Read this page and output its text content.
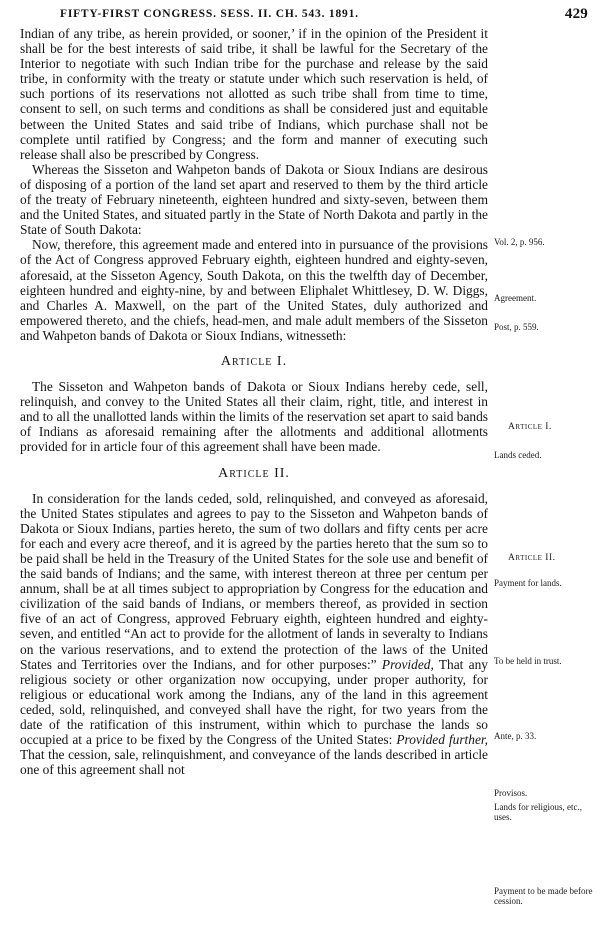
FIFTY-FIRST CONGRESS. SESS. II. CH. 543. 1891.	429

Indian of any tribe, as herein provided, or sooner,’ if in the opinion of the President it shall be for the best interests of said tribe, it shall be lawful for the Secretary of the Interior to negotiate with such Indian tribe for the purchase and release by the said tribe, in conformity with the treaty or statute under which such reservation is held, of such portions of its reservations not allotted as such tribe shall from time to time, consent to sell, on such terms and conditions as shall be considered just and equitable between the United States and said tribe of Indians, which purchase shall not be complete until ratified by Congress; and the form and manner of executing such release shall also be prescribed by Congress.

Whereas the Sisseton and Wahpeton bands of Dakota or Sioux Indians are desirous of disposing of a portion of the land set apart and reserved to them by the third article of the treaty of February nineteenth, eighteen hundred and sixty-seven, between them and the United States, and situated partly in the State of North Dakota and partly in the State of South Dakota:

Now, therefore, this agreement made and entered into in pursuance of the provisions of the Act of Congress approved February eighth, eighteen hundred and eighty-seven, aforesaid, at the Sisseton Agency, South Dakota, on this the twelfth day of December, eighteen hundred and eighty-nine, by and between Eliphalet Whittlesey, D. W. Diggs, and Charles A. Maxwell, on the part of the United States, duly authorized and empowered thereto, and the chiefs, head-men, and male adult members of the Sisseton and Wahpeton bands of Dakota or Sioux Indians, witnesseth:

Article I.

The Sisseton and Wahpeton bands of Dakota or Sioux Indians hereby cede, sell, relinquish, and convey to the United States all their claim, right, title, and interest in and to all the unallotted lands within the limits of the reservation set apart to said bands of Indians as aforesaid remaining after the allotments and additional allotments provided for in article four of this agreement shall have been made.

Article II.

In consideration for the lands ceded, sold, relinquished, and conveyed as aforesaid, the United States stipulates and agrees to pay to the Sisseton and Wahpeton bands of Dakota or Sioux Indians, parties hereto, the sum of two dollars and fifty cents per acre for each and every acre thereof, and it is agreed by the parties hereto that the sum so to be paid shall be held in the Treasury of the United States for the sole use and benefit of the said bands of Indians; and the same, with interest thereon at three per centum per annum, shall be at all times subject to appropriation by Congress for the education and civilization of the said bands of Indians, or members thereof, as provided in section five of an act of Congress, approved February eighth, eighteen hundred and eighty-seven, and entitled “An act to provide for the allotment of lands in severalty to Indians on the various reservations, and to extend the protection of the laws of the United States and Territories over the Indians, and for other purposes:” Provided, That any religious society or other organization now occupying, under proper authority, for religious or educational work among the Indians, any of the land in this agreement ceded, sold, relinquished, and conveyed shall have the right, for two years from the date of the ratification of this instrument, within which to purchase the lands so occupied at a price to be fixed by the Congress of the United States: Provided further, That the cession, sale, relinquishment, and conveyance of the lands described in article one of this agreement shall not

Vol. 2, p. 956.
Agreement.
Post, p. 559.
Article I.
Lands ceded.
Article II.
Payment for lands.
To be held in trust.
Ante, p. 33.
Provisos.
Lands for religious, etc., uses.
Payment to be made before cession.
